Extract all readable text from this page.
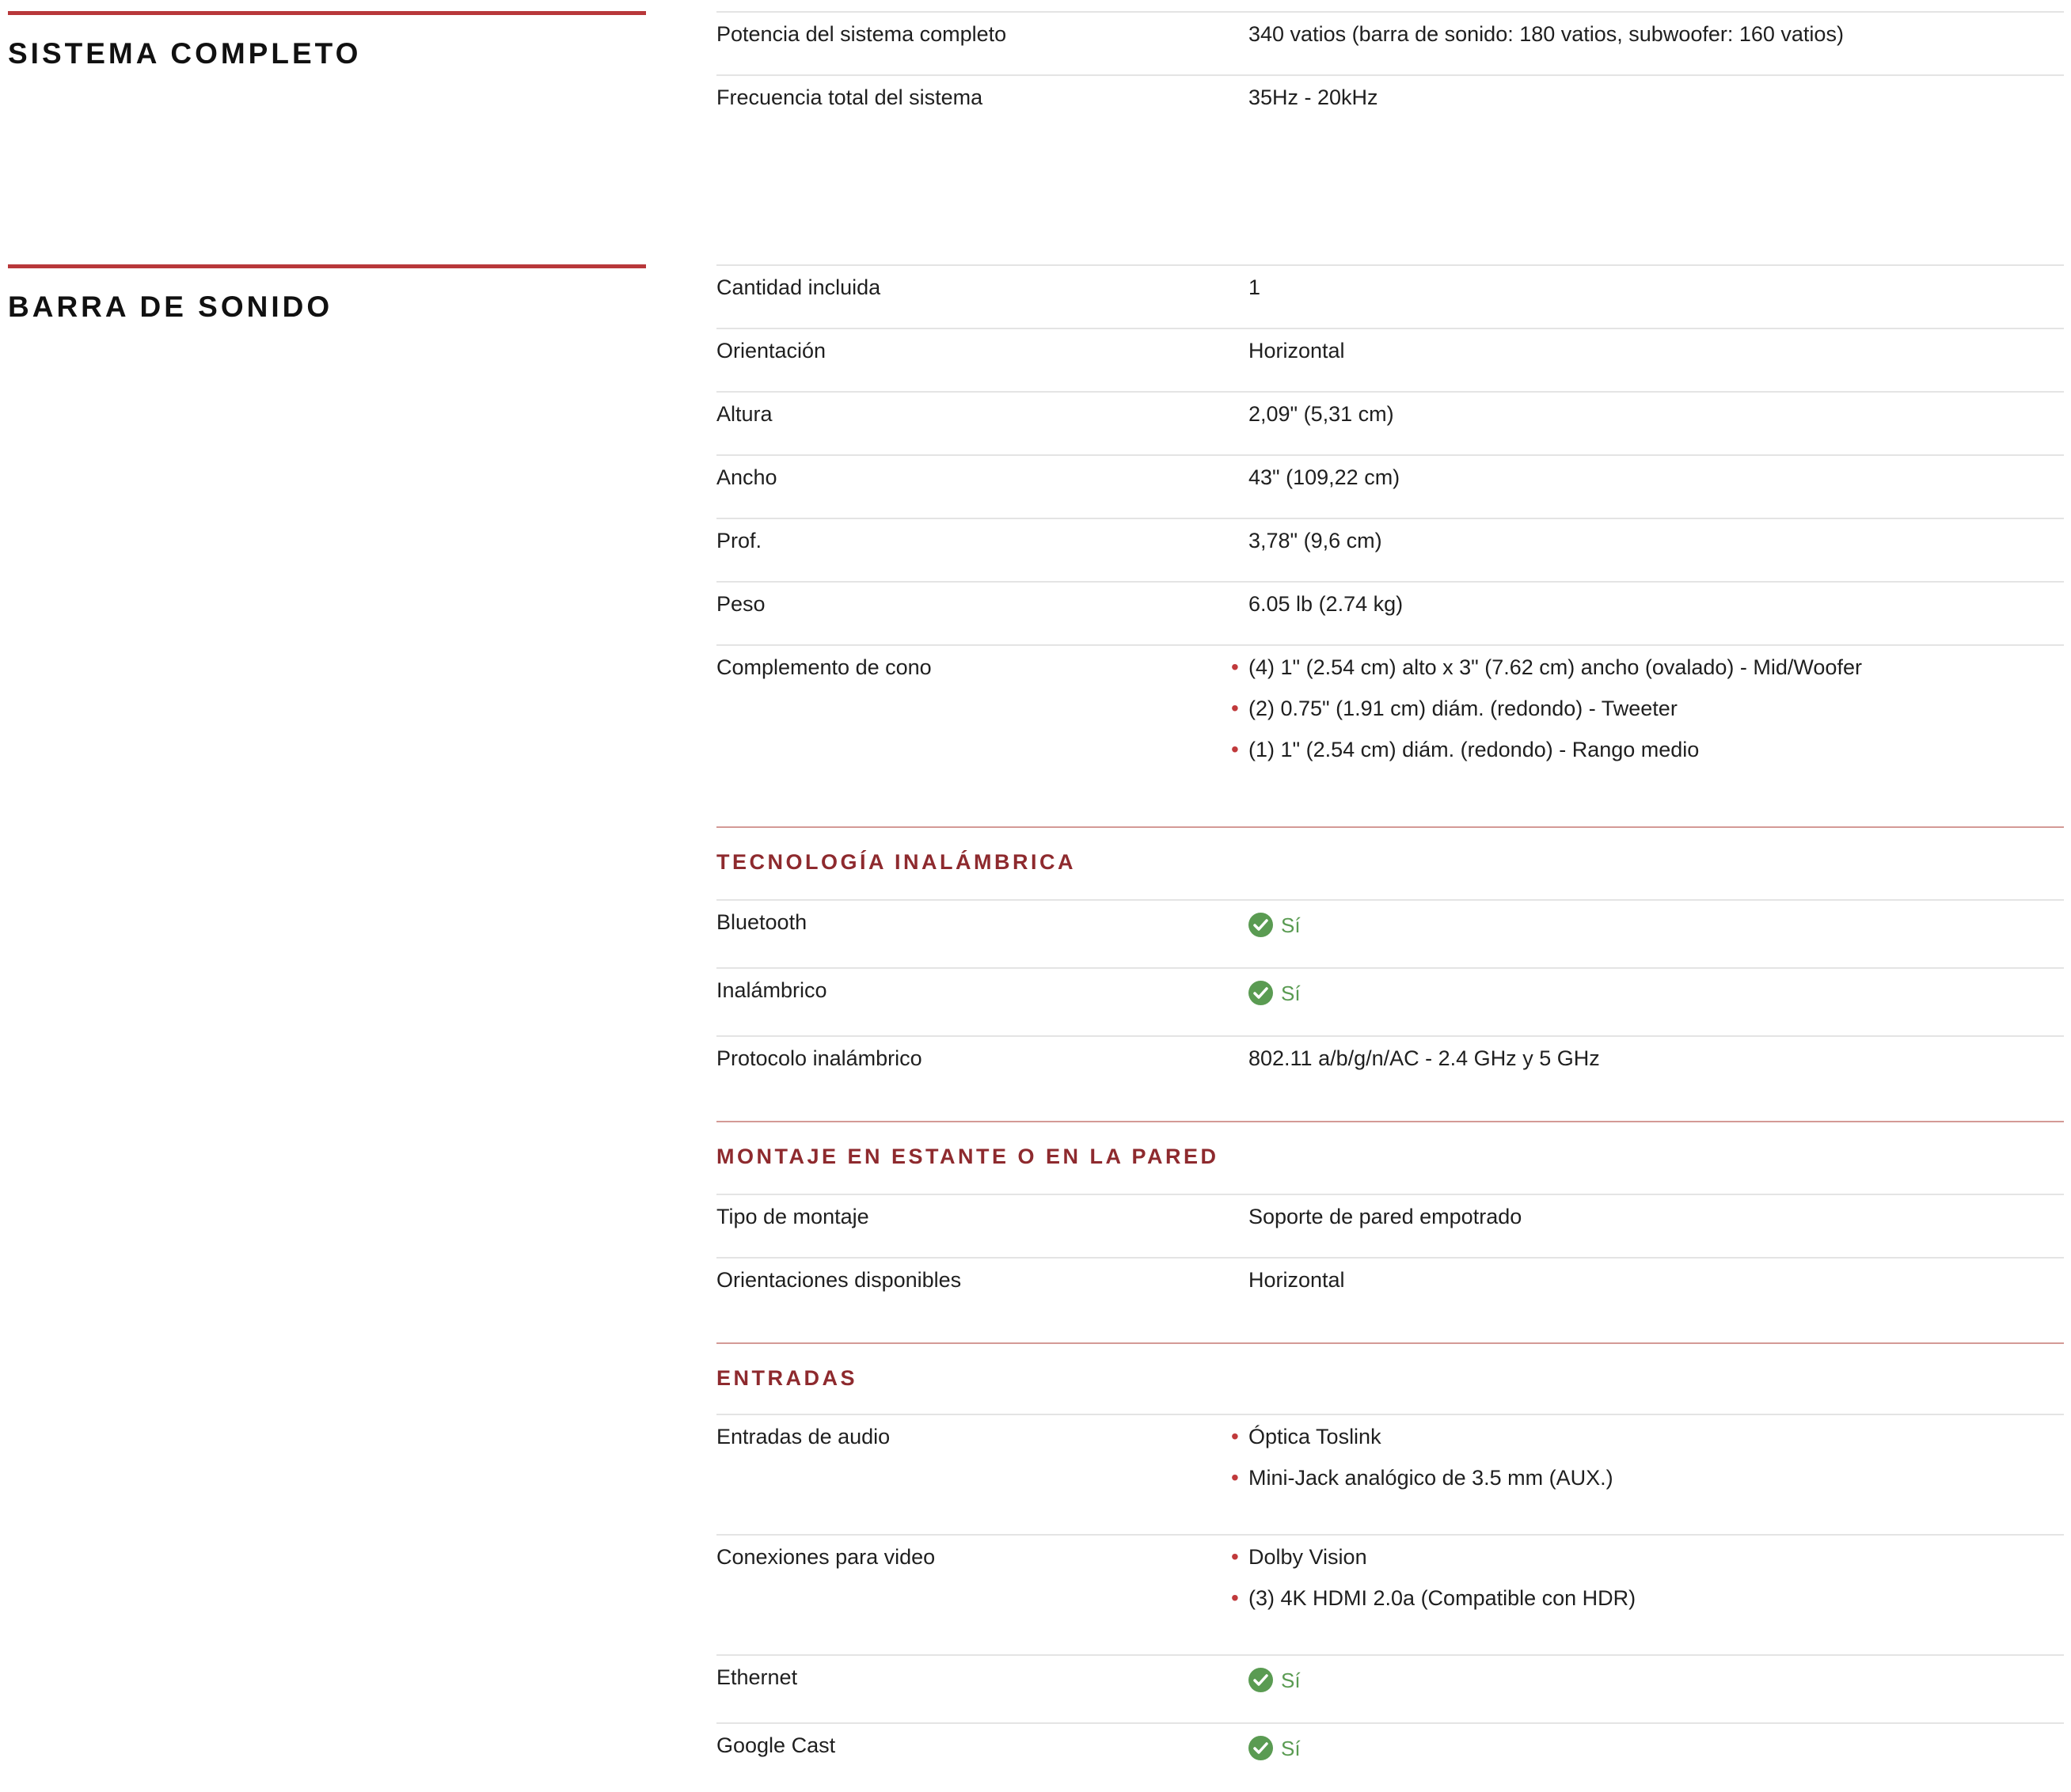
SISTEMA COMPLETO
BARRA DE SONIDO
Potencia del sistema completo	340 vatios (barra de sonido: 180 vatios, subwoofer: 160 vatios)
Frecuencia total del sistema	35Hz - 20kHz
Cantidad incluida	1
Orientación	Horizontal
Altura	2,09" (5,31 cm)
Ancho	43" (109,22 cm)
Prof.	3,78" (9,6 cm)
Peso	6.05 lb (2.74 kg)
Complemento de cono	• (4) 1" (2.54 cm) alto x 3" (7.62 cm) ancho (ovalado) - Mid/Woofer
• (2) 0.75" (1.91 cm) diám. (redondo) - Tweeter
• (1) 1" (2.54 cm) diám. (redondo) - Rango medio
TECNOLOGÍA INALÁMBRICA
Bluetooth	Sí
Inalámbrico	Sí
Protocolo inalámbrico	802.11 a/b/g/n/AC - 2.4 GHz y 5 GHz
MONTAJE EN ESTANTE O EN LA PARED
Tipo de montaje	Soporte de pared empotrado
Orientaciones disponibles	Horizontal
ENTRADAS
Entradas de audio	• Óptica Toslink
• Mini-Jack analógico de 3.5 mm (AUX.)
Conexiones para video	• Dolby Vision
• (3) 4K HDMI 2.0a (Compatible con HDR)
Ethernet	Sí
Google Cast	Sí
